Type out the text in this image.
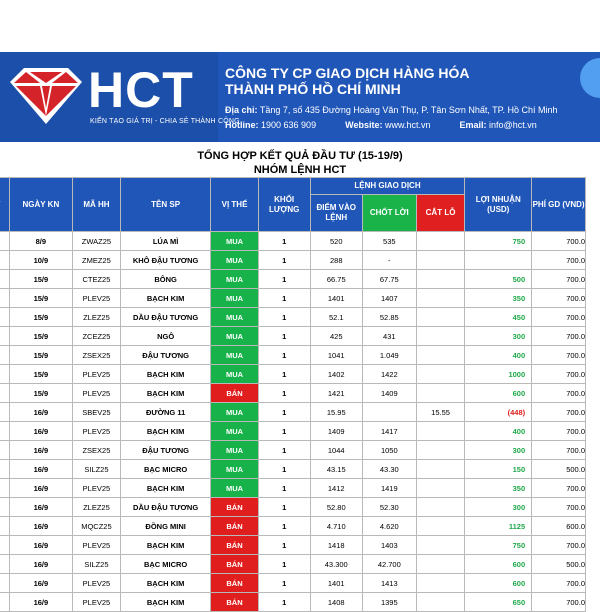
HCT
KIẾN TẠO GIÁ TRỊ - CHIA SẺ THÀNH CÔNG
CÔNG TY CP GIAO DỊCH HÀNG HÓA
THÀNH PHỐ HỒ CHÍ MINH
Địa chỉ: Tầng 7, số 435 Đường Hoàng Văn Thụ, P. Tân Sơn Nhất, TP. Hồ Chí Minh
Hotline: 1900 636 909	Website: www.hct.vn	Email: info@hct.vn
TỔNG HỢP KẾT QUẢ ĐẦU TƯ (15-19/9)
NHÓM LỆNH HCT
	NGÀY KN	MÃ HH	TÊN SP	VỊ THẾ	KHỐI LƯỢNG	LỆNH GIAO DỊCH			LỢI NHUẬN (USD)	PHÍ GD (VND)
						ĐIỂM VÀO LỆNH	CHỐT LỜI	CẮT LỖ		
	8/9	ZWAZ25	LÚA MÌ	MUA	1	520	535		750	700.0
	10/9	ZMEZ25	KHÔ ĐẬU TƯƠNG	MUA	1	288	-			700.0
	15/9	CTEZ25	BÔNG	MUA	1	66.75	67.75		500	700.0
	15/9	PLEV25	BẠCH KIM	MUA	1	1401	1407		350	700.0
	15/9	ZLEZ25	DẦU ĐẬU TƯƠNG	MUA	1	52.1	52.85		450	700.0
	15/9	ZCEZ25	NGÔ	MUA	1	425	431		300	700.0
	15/9	ZSEX25	ĐẬU TƯƠNG	MUA	1	1041	1.049		400	700.0
	15/9	PLEV25	BẠCH KIM	MUA	1	1402	1422		1000	700.0
	15/9	PLEV25	BẠCH KIM	BÁN	1	1421	1409		600	700.0
	16/9	SBEV25	ĐƯỜNG 11	MUA	1	15.95		15.55	(448)	700.0
	16/9	PLEV25	BẠCH KIM	MUA	1	1409	1417		400	700.0
	16/9	ZSEX25	ĐẬU TƯƠNG	MUA	1	1044	1050		300	700.0
	16/9	SILZ25	BẠC MICRO	MUA	1	43.15	43.30		150	500.0
	16/9	PLEV25	BẠCH KIM	MUA	1	1412	1419		350	700.0
	16/9	ZLEZ25	DẦU ĐẬU TƯƠNG	BÁN	1	52.80	52.30		300	700.0
	16/9	MQCZ25	ĐỒNG MINI	BÁN	1	4.710	4.620		1125	600.0
	16/9	PLEV25	BẠCH KIM	BÁN	1	1418	1403		750	700.0
	16/9	SILZ25	BẠC MICRO	BÁN	1	43.300	42.700		600	500.0
	16/9	PLEV25	BẠCH KIM	BÁN	1	1401	1413		600	700.0
	16/9	PLEV25	BẠCH KIM	BÁN	1	1408	1395		650	700.0
